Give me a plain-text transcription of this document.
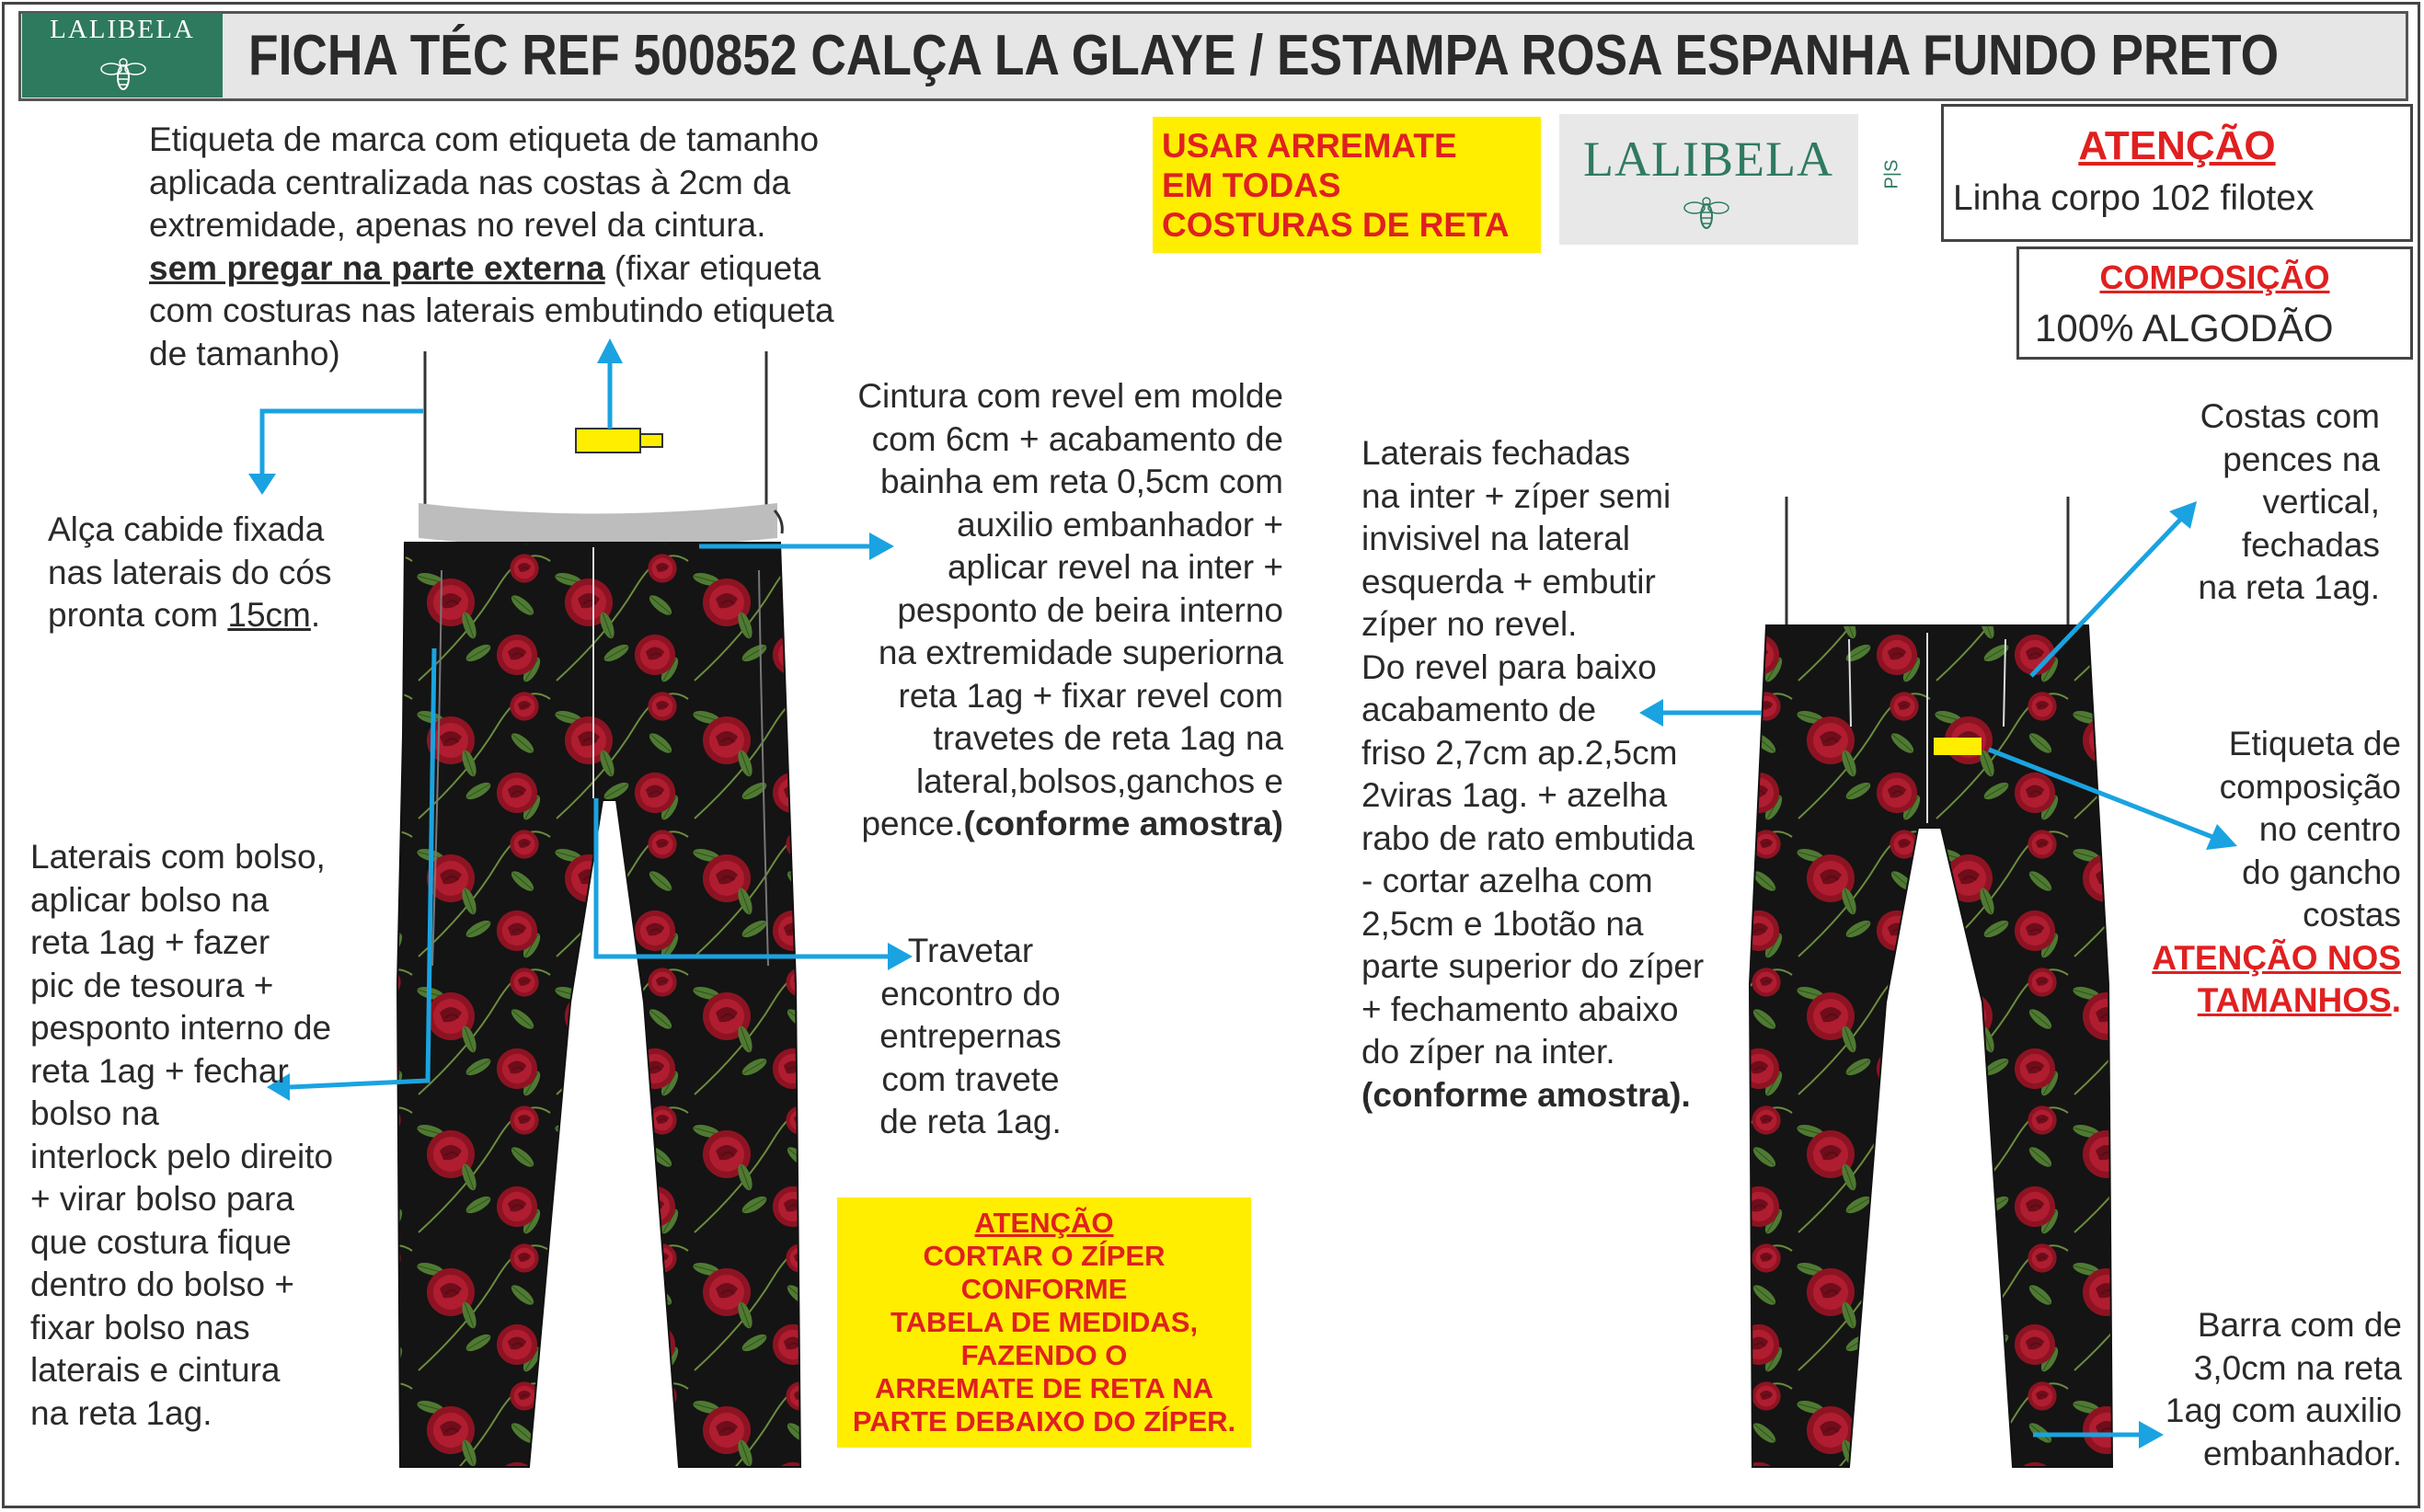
LALIBELA FICHA TÉC REF 500852 CALÇA LA GLAYE / ESTAMPA ROSA ESPANHA FUNDO PRETO
Etiqueta de marca com etiqueta de tamanho
aplicada centralizada nas costas à 2cm da
extremidade, apenas no revel da cintura.
sem pregar na parte externa (fixar etiqueta
com costuras nas laterais embutindo etiqueta
de tamanho)
Alça cabide fixada
nas laterais do cós
pronta com 15cm.
Cintura com revel em molde
com 6cm + acabamento de
bainha em reta 0,5cm com
auxilio embanhador +
aplicar revel na inter +
pesponto de beira interno
na extremidade superiorna
reta 1ag + fixar revel com
travetes de reta 1ag na
lateral,bolsos,ganchos e
pence.(conforme amostra)
Laterais com bolso,
aplicar bolso na
reta 1ag + fazer
pic de tesoura +
pesponto interno de
reta 1ag + fechar
bolso na
interlock pelo direito
+ virar bolso para
que costura fique
dentro do bolso +
fixar bolso nas
laterais e cintura
na reta 1ag.
Travetar
encontro do
entrepernas
com travete
de reta 1ag.
USAR ARREMATE
EM TODAS
COSTURAS DE RETA
LALIBELA	P|S
ATENÇÃO
Linha corpo 102 filotex
COMPOSIÇÃO
100% ALGODÃO
Laterais fechadas
na inter + zíper semi
invisivel na lateral
esquerda + embutir
zíper no revel.
Do revel para baixo
acabamento de
friso 2,7cm ap.2,5cm
2viras 1ag. + azelha
rabo de rato embutida
- cortar azelha com
2,5cm e 1botão na
parte superior do zíper
+ fechamento abaixo
do zíper na inter.
(conforme amostra).
Costas com
pences na
vertical,
fechadas
na reta 1ag.
Etiqueta de
composição
no centro
do gancho
costas
ATENÇÃO NOS
TAMANHOS.
Barra com de
3,0cm na reta
1ag com auxilio
embanhador.
ATENÇÃO
CORTAR O ZÍPER
CONFORME
TABELA DE MEDIDAS,
FAZENDO O
ARREMATE DE RETA NA
PARTE DEBAIXO DO ZÍPER.
